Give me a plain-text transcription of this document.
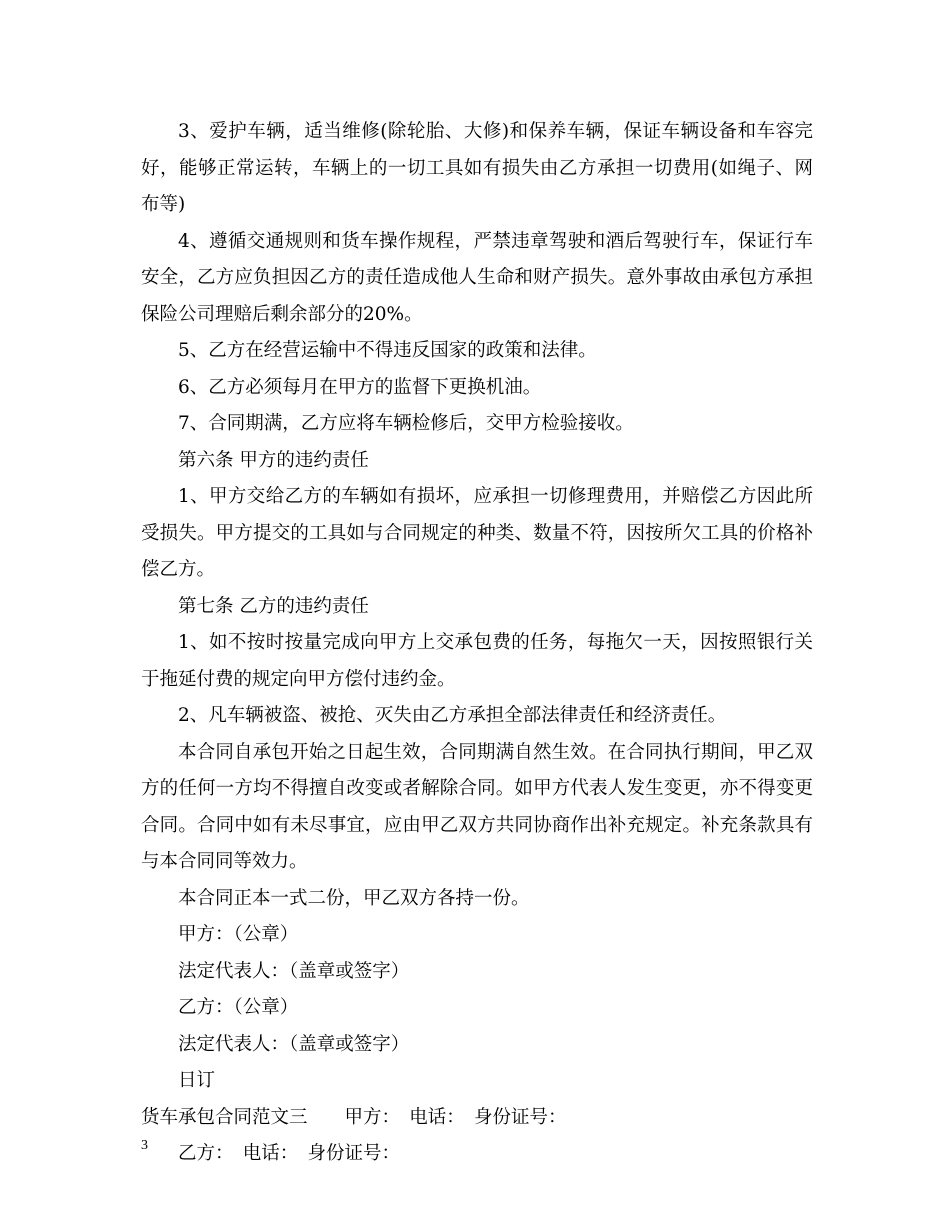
3、爱护车辆，适当维修(除轮胎、大修)和保养车辆，保证车辆设备和车容完好，能够正常运转，车辆上的一切工具如有损失由乙方承担一切费用(如绳子、网布等)

4、遵循交通规则和货车操作规程，严禁违章驾驶和酒后驾驶行车，保证行车安全，乙方应负担因乙方的责任造成他人生命和财产损失。意外事故由承包方承担保险公司理赔后剩余部分的20%。

5、乙方在经营运输中不得违反国家的政策和法律。

6、乙方必须每月在甲方的监督下更换机油。

7、合同期满，乙方应将车辆检修后，交甲方检验接收。

第六条 甲方的违约责任

1、甲方交给乙方的车辆如有损坏，应承担一切修理费用，并赔偿乙方因此所受损失。甲方提交的工具如与合同规定的种类、数量不符，因按所欠工具的价格补偿乙方。

第七条 乙方的违约责任

1、如不按时按量完成向甲方上交承包费的任务，每拖欠一天，因按照银行关于拖延付费的规定向甲方偿付违约金。

2、凡车辆被盗、被抢、灭失由乙方承担全部法律责任和经济责任。

本合同自承包开始之日起生效，合同期满自然生效。在合同执行期间，甲乙双方的任何一方均不得擅自改变或者解除合同。如甲方代表人发生变更，亦不得变更合同。合同中如有未尽事宜，应由甲乙双方共同协商作出补充规定。补充条款具有与本合同同等效力。

本合同正本一式二份，甲乙双方各持一份。

甲方：（公章）

法定代表人：（盖章或签字）

乙方：（公章）

法定代表人：（盖章或签字）

日订

货车承包合同范文三　　甲方：　电话：　身份证号：

乙方：　电话：　身份证号：

3
